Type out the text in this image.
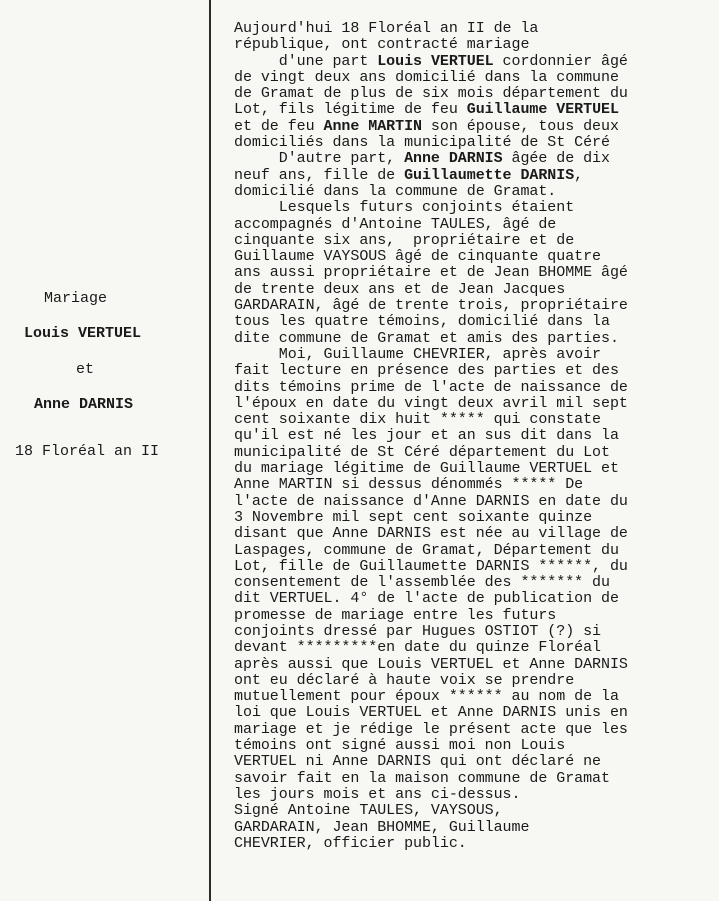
Mariage
Louis VERTUEL
et
Anne DARNIS
18 Floréal an II
Aujourd'hui 18 Floréal an II de la
république, ont contracté mariage
d'une part Louis VERTUEL cordonnier âgé
de vingt deux ans domicilié dans la commune
de Gramat de plus de six mois département du
Lot, fils légitime de feu Guillaume VERTUEL
et de feu Anne MARTIN son épouse, tous deux
domiciliés dans la municipalité de St Céré
D'autre part, Anne DARNIS âgée de dix
neuf ans, fille de Guillaumette DARNIS,
domicilié dans la commune de Gramat.
Lesquels futurs conjoints étaient
accompagnés d'Antoine TAULES, âgé de
cinquante six ans,  propriétaire et de
Guillaume VAYSOUS âgé de cinquante quatre
ans aussi propriétaire et de Jean BHOMME âgé
de trente deux ans et de Jean Jacques
GARDARAIN, âgé de trente trois, propriétaire
tous les quatre témoins, domicilié dans la
dite commune de Gramat et amis des parties.
Moi, Guillaume CHEVRIER, après avoir
fait lecture en présence des parties et des
dits témoins prime de l'acte de naissance de
l'époux en date du vingt deux avril mil sept
cent soixante dix huit ***** qui constate
qu'il est né les jour et an sus dit dans la
municipalité de St Céré département du Lot
du mariage légitime de Guillaume VERTUEL et
Anne MARTIN si dessus dénommés ***** De
l'acte de naissance d'Anne DARNIS en date du
3 Novembre mil sept cent soixante quinze
disant que Anne DARNIS est née au village de
Laspages, commune de Gramat, Département du
Lot, fille de Guillaumette DARNIS ******, du
consentement de l'assemblée des ******* du
dit VERTUEL. 4° de l'acte de publication de
promesse de mariage entre les futurs
conjoints dressé par Hugues OSTIOT (?) si
devant *********en date du quinze Floréal
après aussi que Louis VERTUEL et Anne DARNIS
ont eu déclaré à haute voix se prendre
mutuellement pour époux ****** au nom de la
loi que Louis VERTUEL et Anne DARNIS unis en
mariage et je rédige le présent acte que les
témoins ont signé aussi moi non Louis
VERTUEL ni Anne DARNIS qui ont déclaré ne
savoir fait en la maison commune de Gramat
les jours mois et ans ci-dessus.
Signé Antoine TAULES, VAYSOUS,
GARDARAIN, Jean BHOMME, Guillaume
CHEVRIER, officier public.
